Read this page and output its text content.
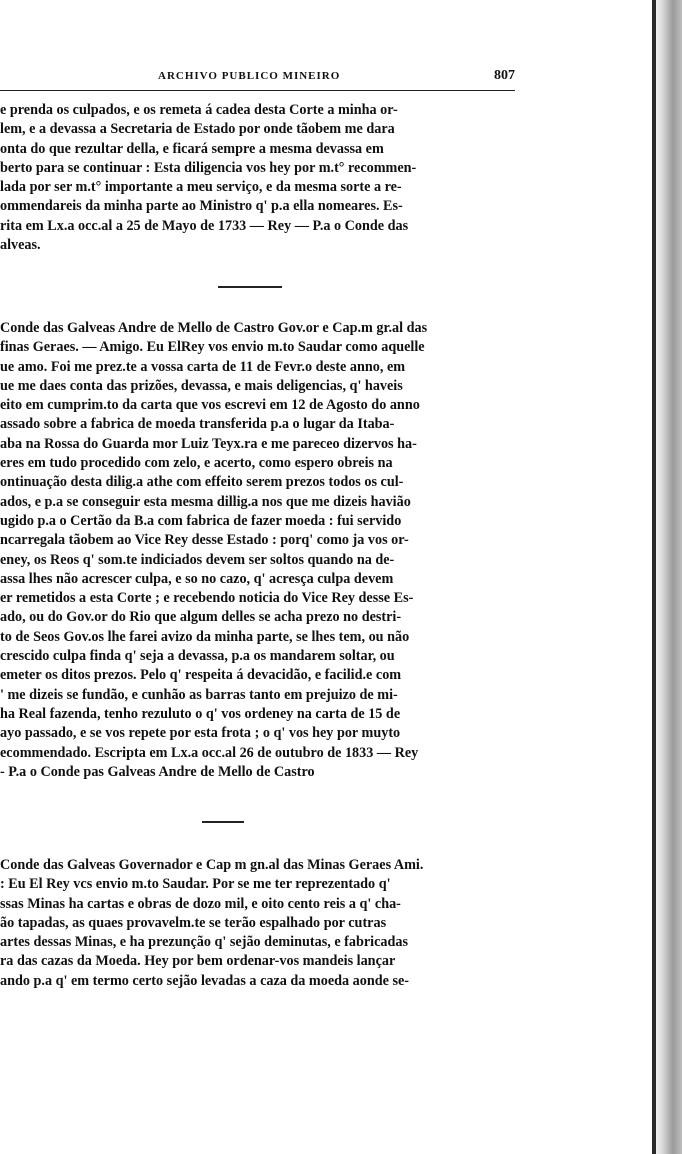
ARCHIVO PUBLICO MINEIRO	807
e prenda os culpados, e os remeta á cadea desta Corte a minha or-
lem, e a devassa a Secretaria de Estado por onde tãobem me dara
onta do que rezultar della, e ficará sempre a mesma devassa em
berto para se continuar : Esta diligencia vos hey por m.t° recommen-
lada por ser m.t° importante a meu serviço, e da mesma sorte a re-
ommendareis da minha parte ao Ministro q' p.a ella nomeares. Es-
rita em Lx.a occ.al a 25 de Mayo de 1733 — Rey — P.a o Conde das
alveas.
Conde das Galveas Andre de Mello de Castro Gov.or e Cap.m gr.al das
finas Geraes. — Amigo. Eu ElRey vos envio m.to Saudar como aquelle
ue amo. Foi me prez.te a vossa carta de 11 de Fevr.o deste anno, em
ue me daes conta das prizões, devassa, e mais deligencias, q' haveis
eito em cumprim.to da carta que vos escrevi em 12 de Agosto do anno
assado sobre a fabrica de moeda transferida p.a o lugar da Itaba-
aba na Rossa do Guarda mor Luiz Teyx.ra e me pareceo dizervos ha-
eres em tudo procedido com zelo, e acerto, como espero obreis na
ontinuação desta dilig.a athe com effeito serem prezos todos os cul-
ados, e p.a se conseguir esta mesma dillig.a nos que me dizeis havião
ugido p.a o Certão da B.a com fabrica de fazer moeda : fui servido
ncarregala tãobem ao Vice Rey desse Estado : porq' como ja vos or-
eney, os Reos q' som.te indiciados devem ser soltos quando na de-
assa lhes não acrescer culpa, e so no cazo, q' acresça culpa devem
er remetidos a esta Corte ; e recebendo noticia do Vice Rey desse Es-
ado, ou do Gov.or do Rio que algum delles se acha prezo no destri-
to de Seos Gov.os lhe farei avizo da minha parte, se lhes tem, ou não
crescido culpa finda q' seja a devassa, p.a os mandarem soltar, ou
emeter os ditos prezos. Pelo q' respeita á devacidão, e facilid.e com
' me dizeis se fundão, e cunhão as barras tanto em prejuizo de mi-
ha Real fazenda, tenho rezuluto o q' vos ordeney na carta de 15 de
ayo passado, e se vos repete por esta frota ; o q' vos hey por muyto
ecommendado. Escripta em Lx.a occ.al 26 de outubro de 1833 — Rey
- P.a o Conde pas Galveas Andre de Mello de Castro
Conde das Galveas Governador e Cap m gn.al das Minas Geraes Ami.
: Eu El Rey vcs envio m.to Saudar. Por se me ter reprezentado q'
ssas Minas ha cartas e obras de dozo mil, e oito cento reis a q' cha-
ão tapadas, as quaes provavelm.te se terão espalhado por cutras
artes dessas Minas, e ha prezunção q' sejão deminutas, e fabricadas
ra das cazas da Moeda. Hey por bem ordenar-vos mandeis lançar
ando p.a q' em termo certo sejão levadas a caza da moeda aonde se-
